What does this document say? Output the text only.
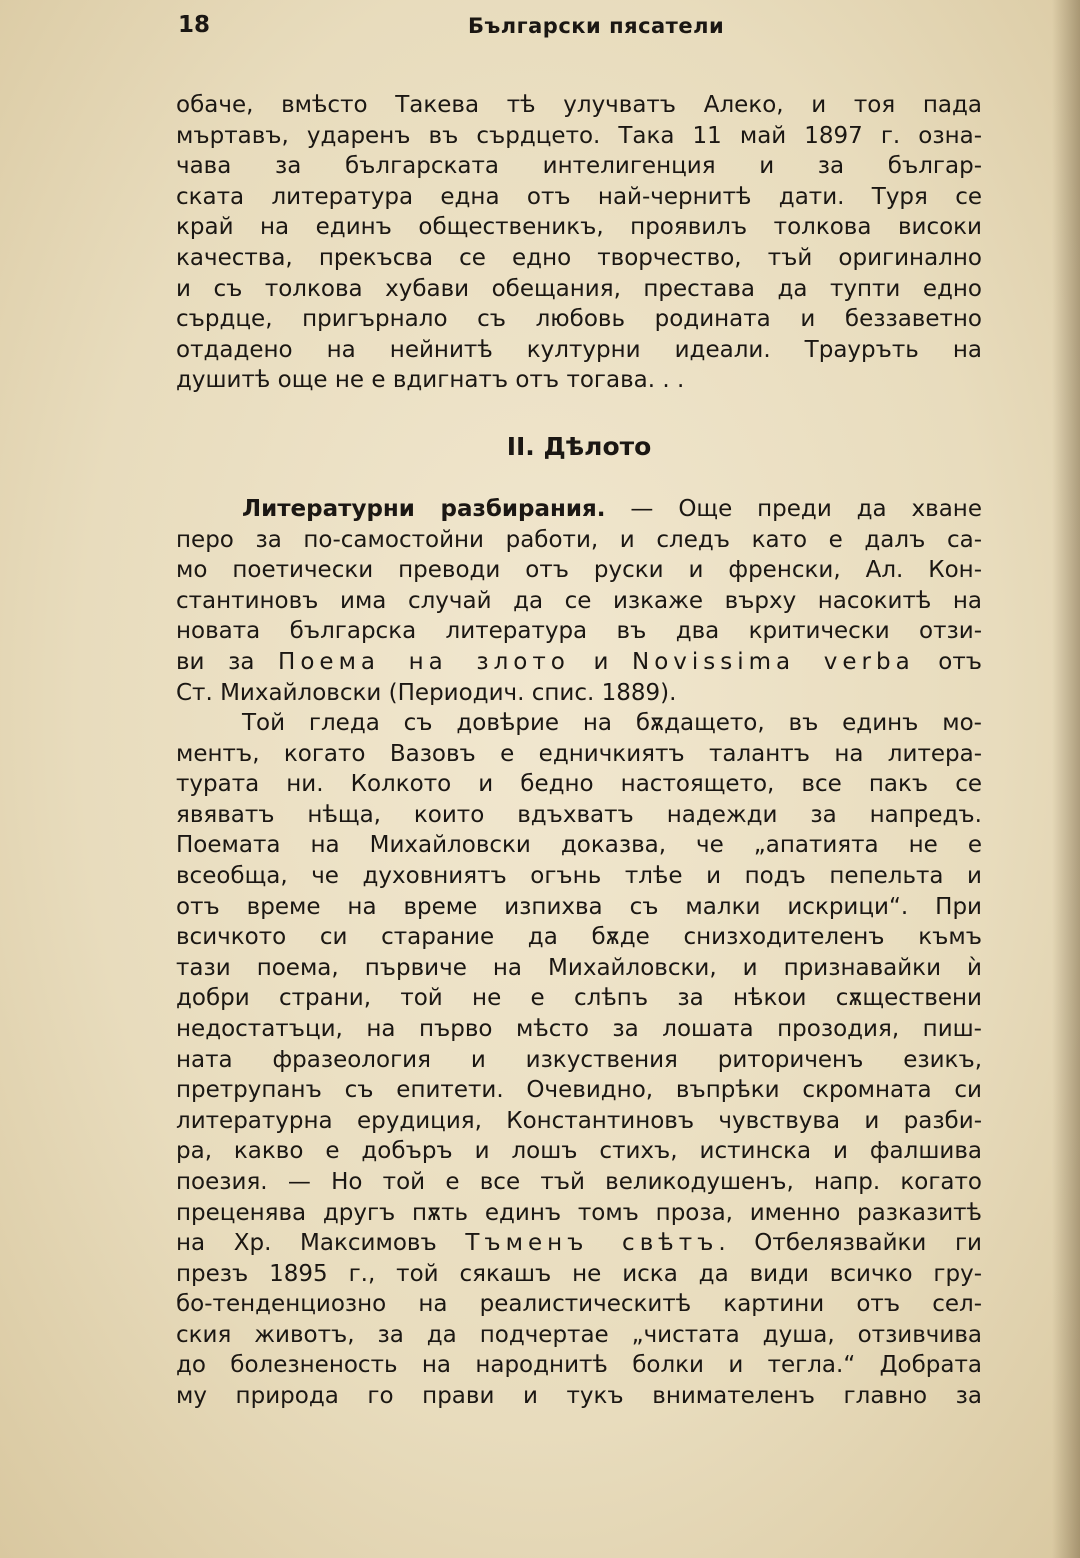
18	Български пясатели
обаче, вмѣсто Такева тѣ улучватъ Алеко, и тоя пада
мъртавъ, ударенъ въ сърдцето. Така 11 май 1897 г. озна-
чава за българската интелигенция и за българ-
ската литература една отъ най-чернитѣ дати. Туря се
край на единъ общественикъ, проявилъ толкова високи
качества, прекъсва се едно творчество, тъй оригинално
и съ толкова хубави обещания, престава да тупти едно
сърдце, пригърнало съ любовь родината и беззаветно
отдадено на нейнитѣ културни идеали. Трауръть на
душитѣ още не е вдигнатъ отъ тогава. . .
II. Дѣлото
Литературни разбирания. — Още преди да хване
перо за по-самостойни работи, и следъ като е далъ са-
мо поетически преводи отъ руски и френски, Ал. Кон-
стантиновъ има случай да се изкаже върху насокитѣ на
новата българска литература въ два критически отзи-
ви за Поема на злото и Novissima verba отъ
Ст. Михайловски (Периодич. спис. 1889).
Той гледа съ довѣрие на бѫдащето, въ единъ мо-
ментъ, когато Вазовъ е едничкиятъ талантъ на литера-
турата ни. Колкото и бедно настоящето, все пакъ се
явяватъ нѣща, които вдъхватъ надежди за напредъ.
Поемата на Михайловски доказва, че „апатията не е
всеобща, че духовниятъ огънь тлѣе и подъ пепельта и
отъ време на време изпихва съ малки искрици“. При
всичкото си старание да бѫде снизходителенъ къмъ
тази поема, първиче на Михайловски, и признавайки ѝ
добри страни, той не е слѣпъ за нѣкои сѫществени
недостатъци, на първо мѣсто за лошата прозодия, пиш-
ната фразеология и изкуствения риториченъ езикъ,
претрупанъ съ епитети. Очевидно, въпрѣки скромната си
литературна ерудиция, Константиновъ чувствува и разби-
ра, какво е добъръ и лошъ стихъ, истинска и фалшива
поезия. — Но той е все тъй великодушенъ, напр. когато
преценява другъ пѫть единъ томъ проза, именно разказитѣ
на Хр. Максимовъ Тъменъ свѣтъ. Отбелязвайки ги
презъ 1895 г., той сякашъ не иска да види всичко гру-
бо-тенденциозно на реалистическитѣ картини отъ сел-
ския животъ, за да подчертае „чистата душа, отзивчива
до болезненость на народнитѣ болки и тегла.“ Добрата
му природа го прави и тукъ внимателенъ главно за
